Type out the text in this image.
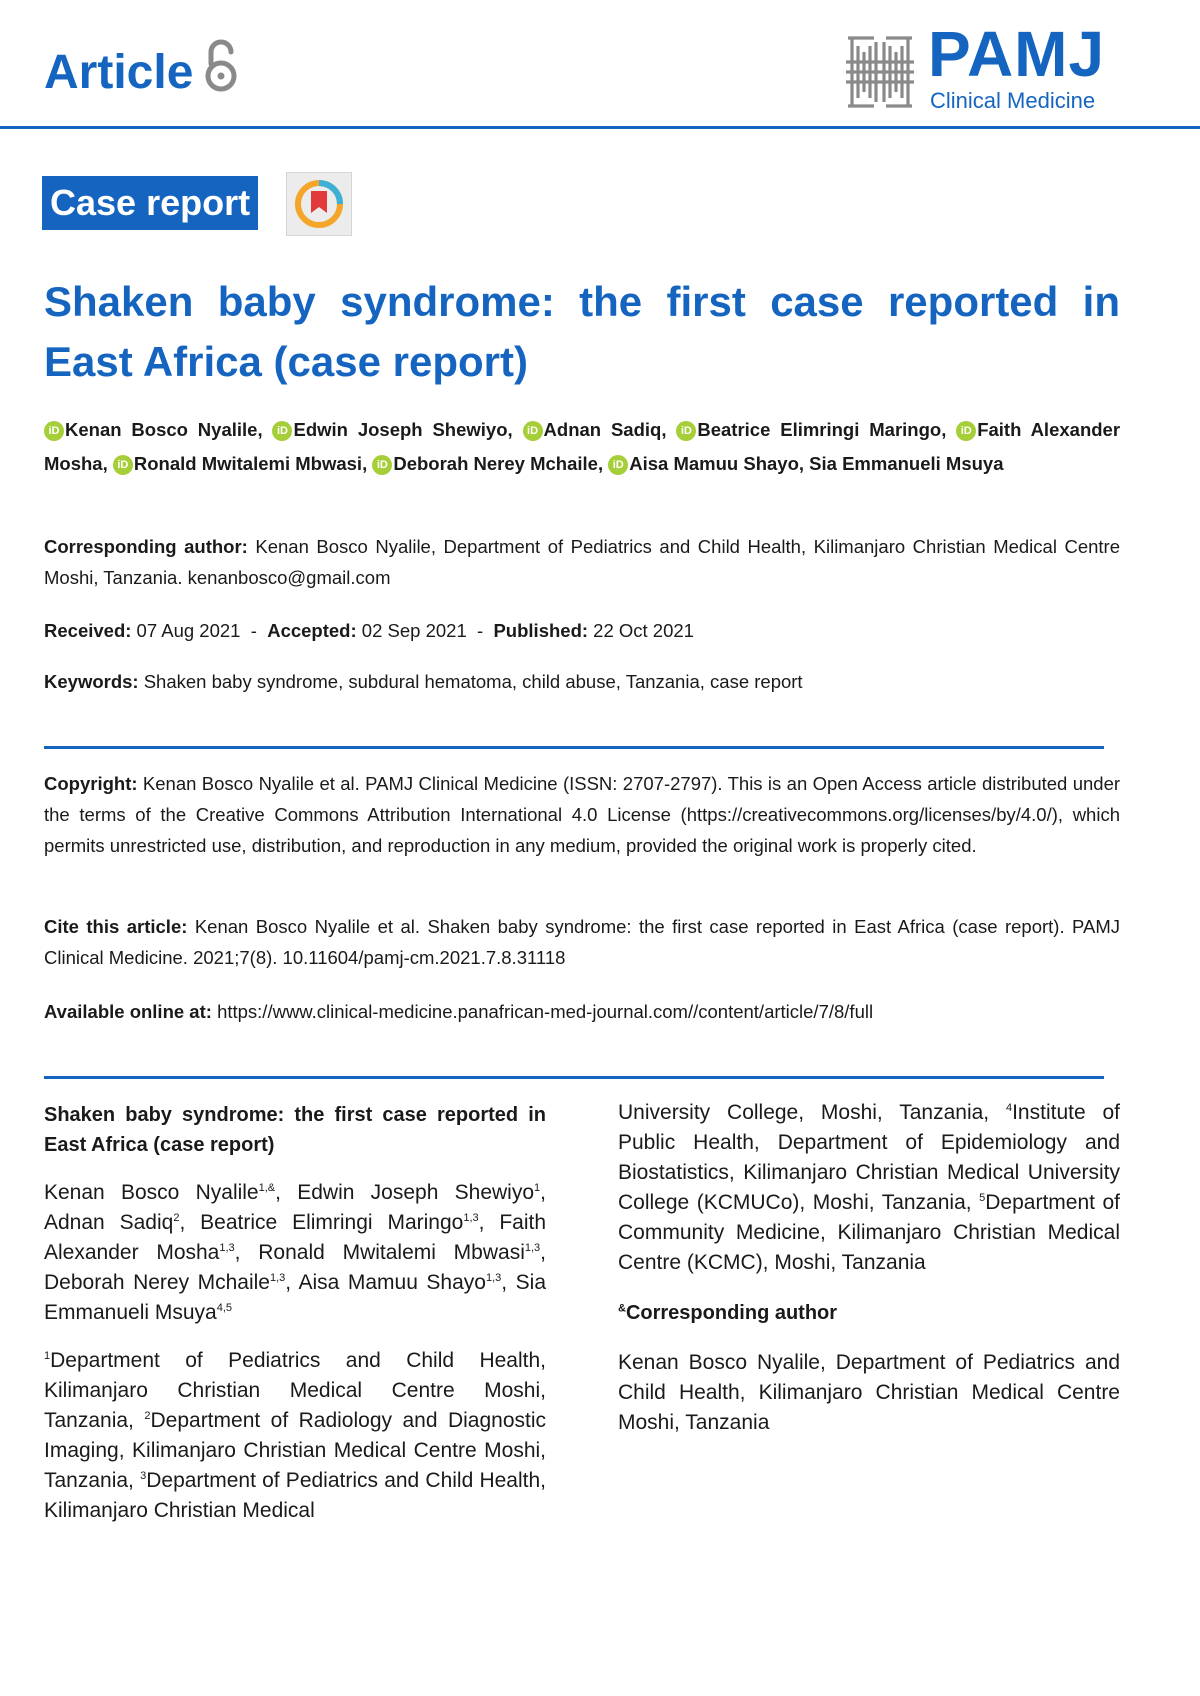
Article	PAMJ
Clinical Medicine
Case report
Shaken baby syndrome: the first case reported in East Africa (case report)
iD Kenan Bosco Nyalile, iD Edwin Joseph Shewiyo, iD Adnan Sadiq, iD Beatrice Elimringi Maringo, iD Faith Alexander Mosha, iD Ronald Mwitalemi Mbwasi, iD Deborah Nerey Mchaile, iD Aisa Mamuu Shayo, Sia Emmanueli Msuya
Corresponding author: Kenan Bosco Nyalile, Department of Pediatrics and Child Health, Kilimanjaro Christian Medical Centre Moshi, Tanzania. kenanbosco@gmail.com
Received: 07 Aug 2021  -  Accepted: 02 Sep 2021  -  Published: 22 Oct 2021
Keywords: Shaken baby syndrome, subdural hematoma, child abuse, Tanzania, case report
Copyright: Kenan Bosco Nyalile et al. PAMJ Clinical Medicine (ISSN: 2707-2797). This is an Open Access article distributed under the terms of the Creative Commons Attribution International 4.0 License (https://creativecommons.org/licenses/by/4.0/), which permits unrestricted use, distribution, and reproduction in any medium, provided the original work is properly cited.
Cite this article: Kenan Bosco Nyalile et al. Shaken baby syndrome: the first case reported in East Africa (case report). PAMJ Clinical Medicine. 2021;7(8). 10.11604/pamj-cm.2021.7.8.31118
Available online at: https://www.clinical-medicine.panafrican-med-journal.com//content/article/7/8/full

Shaken baby syndrome: the first case reported in East Africa (case report)

Kenan Bosco Nyalile$^{1,\&}$, Edwin Joseph Shewiyo$^1$, Adnan Sadiq$^2$, Beatrice Elimringi Maringo$^{1,3}$, Faith Alexander Mosha$^{1,3}$, Ronald Mwitalemi Mbwasi$^{1,3}$, Deborah Nerey Mchaile$^{1,3}$, Aisa Mamuu Shayo$^{1,3}$, Sia Emmanueli Msuya$^{4,5}$

$^1$Department of Pediatrics and Child Health, Kilimanjaro Christian Medical Centre Moshi, Tanzania, $^2$Department of Radiology and Diagnostic Imaging, Kilimanjaro Christian Medical Centre Moshi, Tanzania, $^3$Department of Pediatrics and Child Health, Kilimanjaro Christian Medical

University College, Moshi, Tanzania, $^4$Institute of Public Health, Department of Epidemiology and Biostatistics, Kilimanjaro Christian Medical University College (KCMUCo), Moshi, Tanzania, $^5$Department of Community Medicine, Kilimanjaro Christian Medical Centre (KCMC), Moshi, Tanzania

&Corresponding author

Kenan Bosco Nyalile, Department of Pediatrics and Child Health, Kilimanjaro Christian Medical Centre Moshi, Tanzania
